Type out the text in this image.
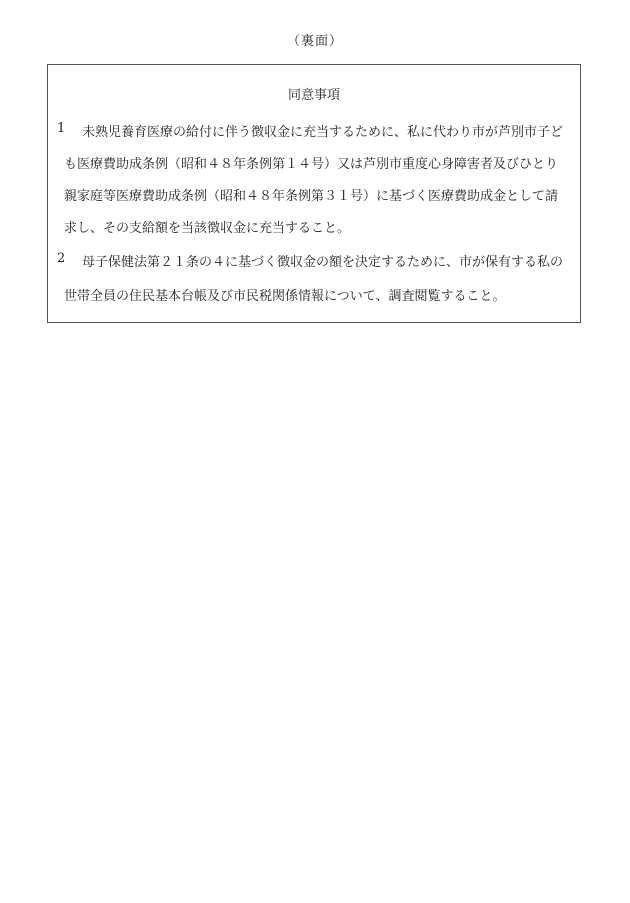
（裏面）
同意事項
1 未熟児養育医療の給付に伴う徴収金に充当するために、私に代わり市が芦別市子ど
も医療費助成条例（昭和４８年条例第１４号）又は芦別市重度心身障害者及びひとり
親家庭等医療費助成条例（昭和４８年条例第３１号）に基づく医療費助成金として請
求し、その支給額を当該徴収金に充当すること。
2 母子保健法第２１条の４に基づく徴収金の額を決定するために、市が保有する私の
世帯全員の住民基本台帳及び市民税関係情報について、調査閲覧すること。
